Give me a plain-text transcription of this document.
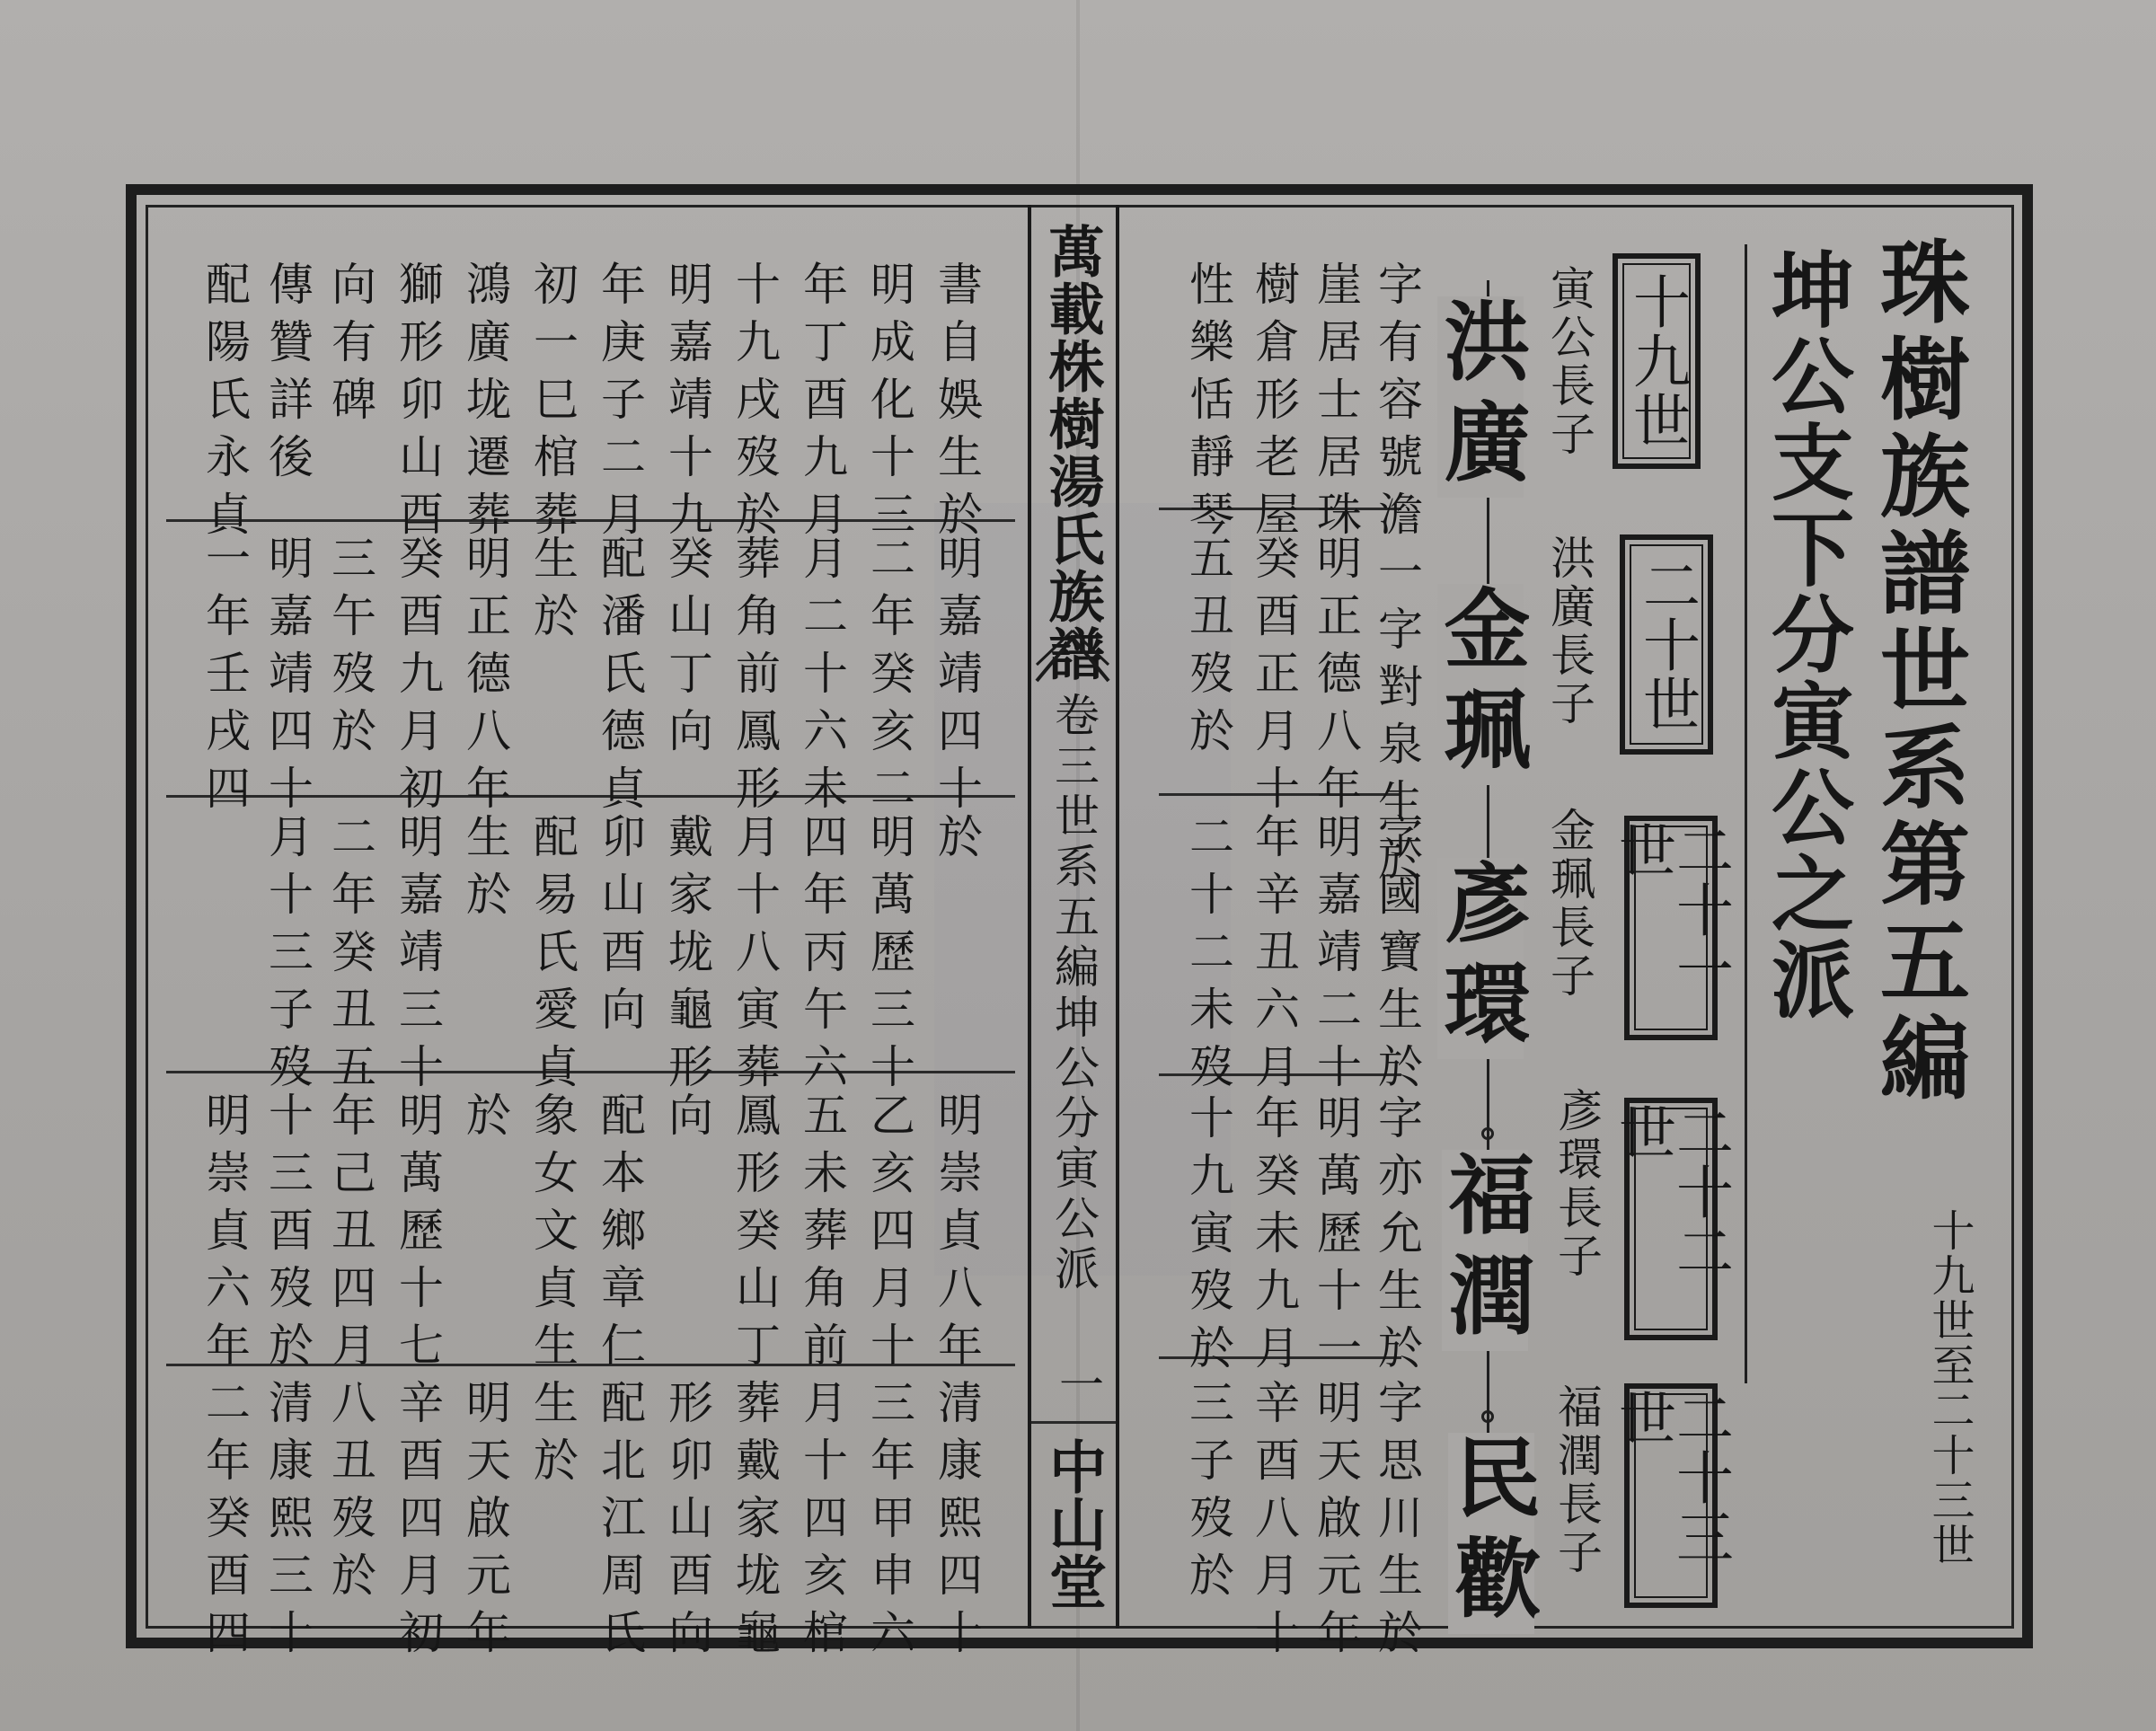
珠樹族譜世系第五編
坤公支下分寅公之派
十九世至二十三世
十九世
二十世
二十一世
二十二世
二十三世
寅公長子
洪廣長子
金珮長子
彥環長子
福潤長子
洪廣
金珮
彥環
福潤
民歡
字有容號澹一字對泉生於
崖居士居珠
樹倉形老屋
性樂恬靜琴
明正德八年
癸酉正月十
五丑歿於
字國寶生於
明嘉靖二十
年辛丑六月
二十二未歿
字亦允生於
明萬歷十一
年癸未九月
十九寅歿於
字思川生於
明天啟元年
辛酉八月十
三子歿於
萬載株樹湯氏族譜
卷三世系五編坤公分寅公派
一
中山堂
書自娛生於
明成化十三
年丁酉九月
十九戌歿於
明嘉靖十九
年庚子二月
初一巳棺葬
鴻廣垅遷葬
獅形卯山酉
向有碑
傳贊詳後
配陽氏永貞
明嘉靖四十
二年癸亥二
月二十六未
葬角前鳳形
癸山丁向
配潘氏德貞
生於
明正德八年
癸酉九月初
三午歿於
明嘉靖四十
一年壬戌四
於
明萬歷三十
四年丙午六
月十八寅葬
戴家垅龜形
卯山酉向
配易氏愛貞
生於
明嘉靖三十
二年癸丑五
月十三子歿
明崇貞八年
乙亥四月十
五未葬角前
鳳形癸山丁
向
配本鄉章仁
象女文貞生
於
明萬歷十七
年己丑四月
十三酉歿於
明崇貞六年
清康熙四十
三年甲申六
月十四亥棺
葬戴家垅龜
形卯山酉向
配北江周氏
生於
明天啟元年
辛酉四月初
八丑歿於
清康熙三十
二年癸酉四
